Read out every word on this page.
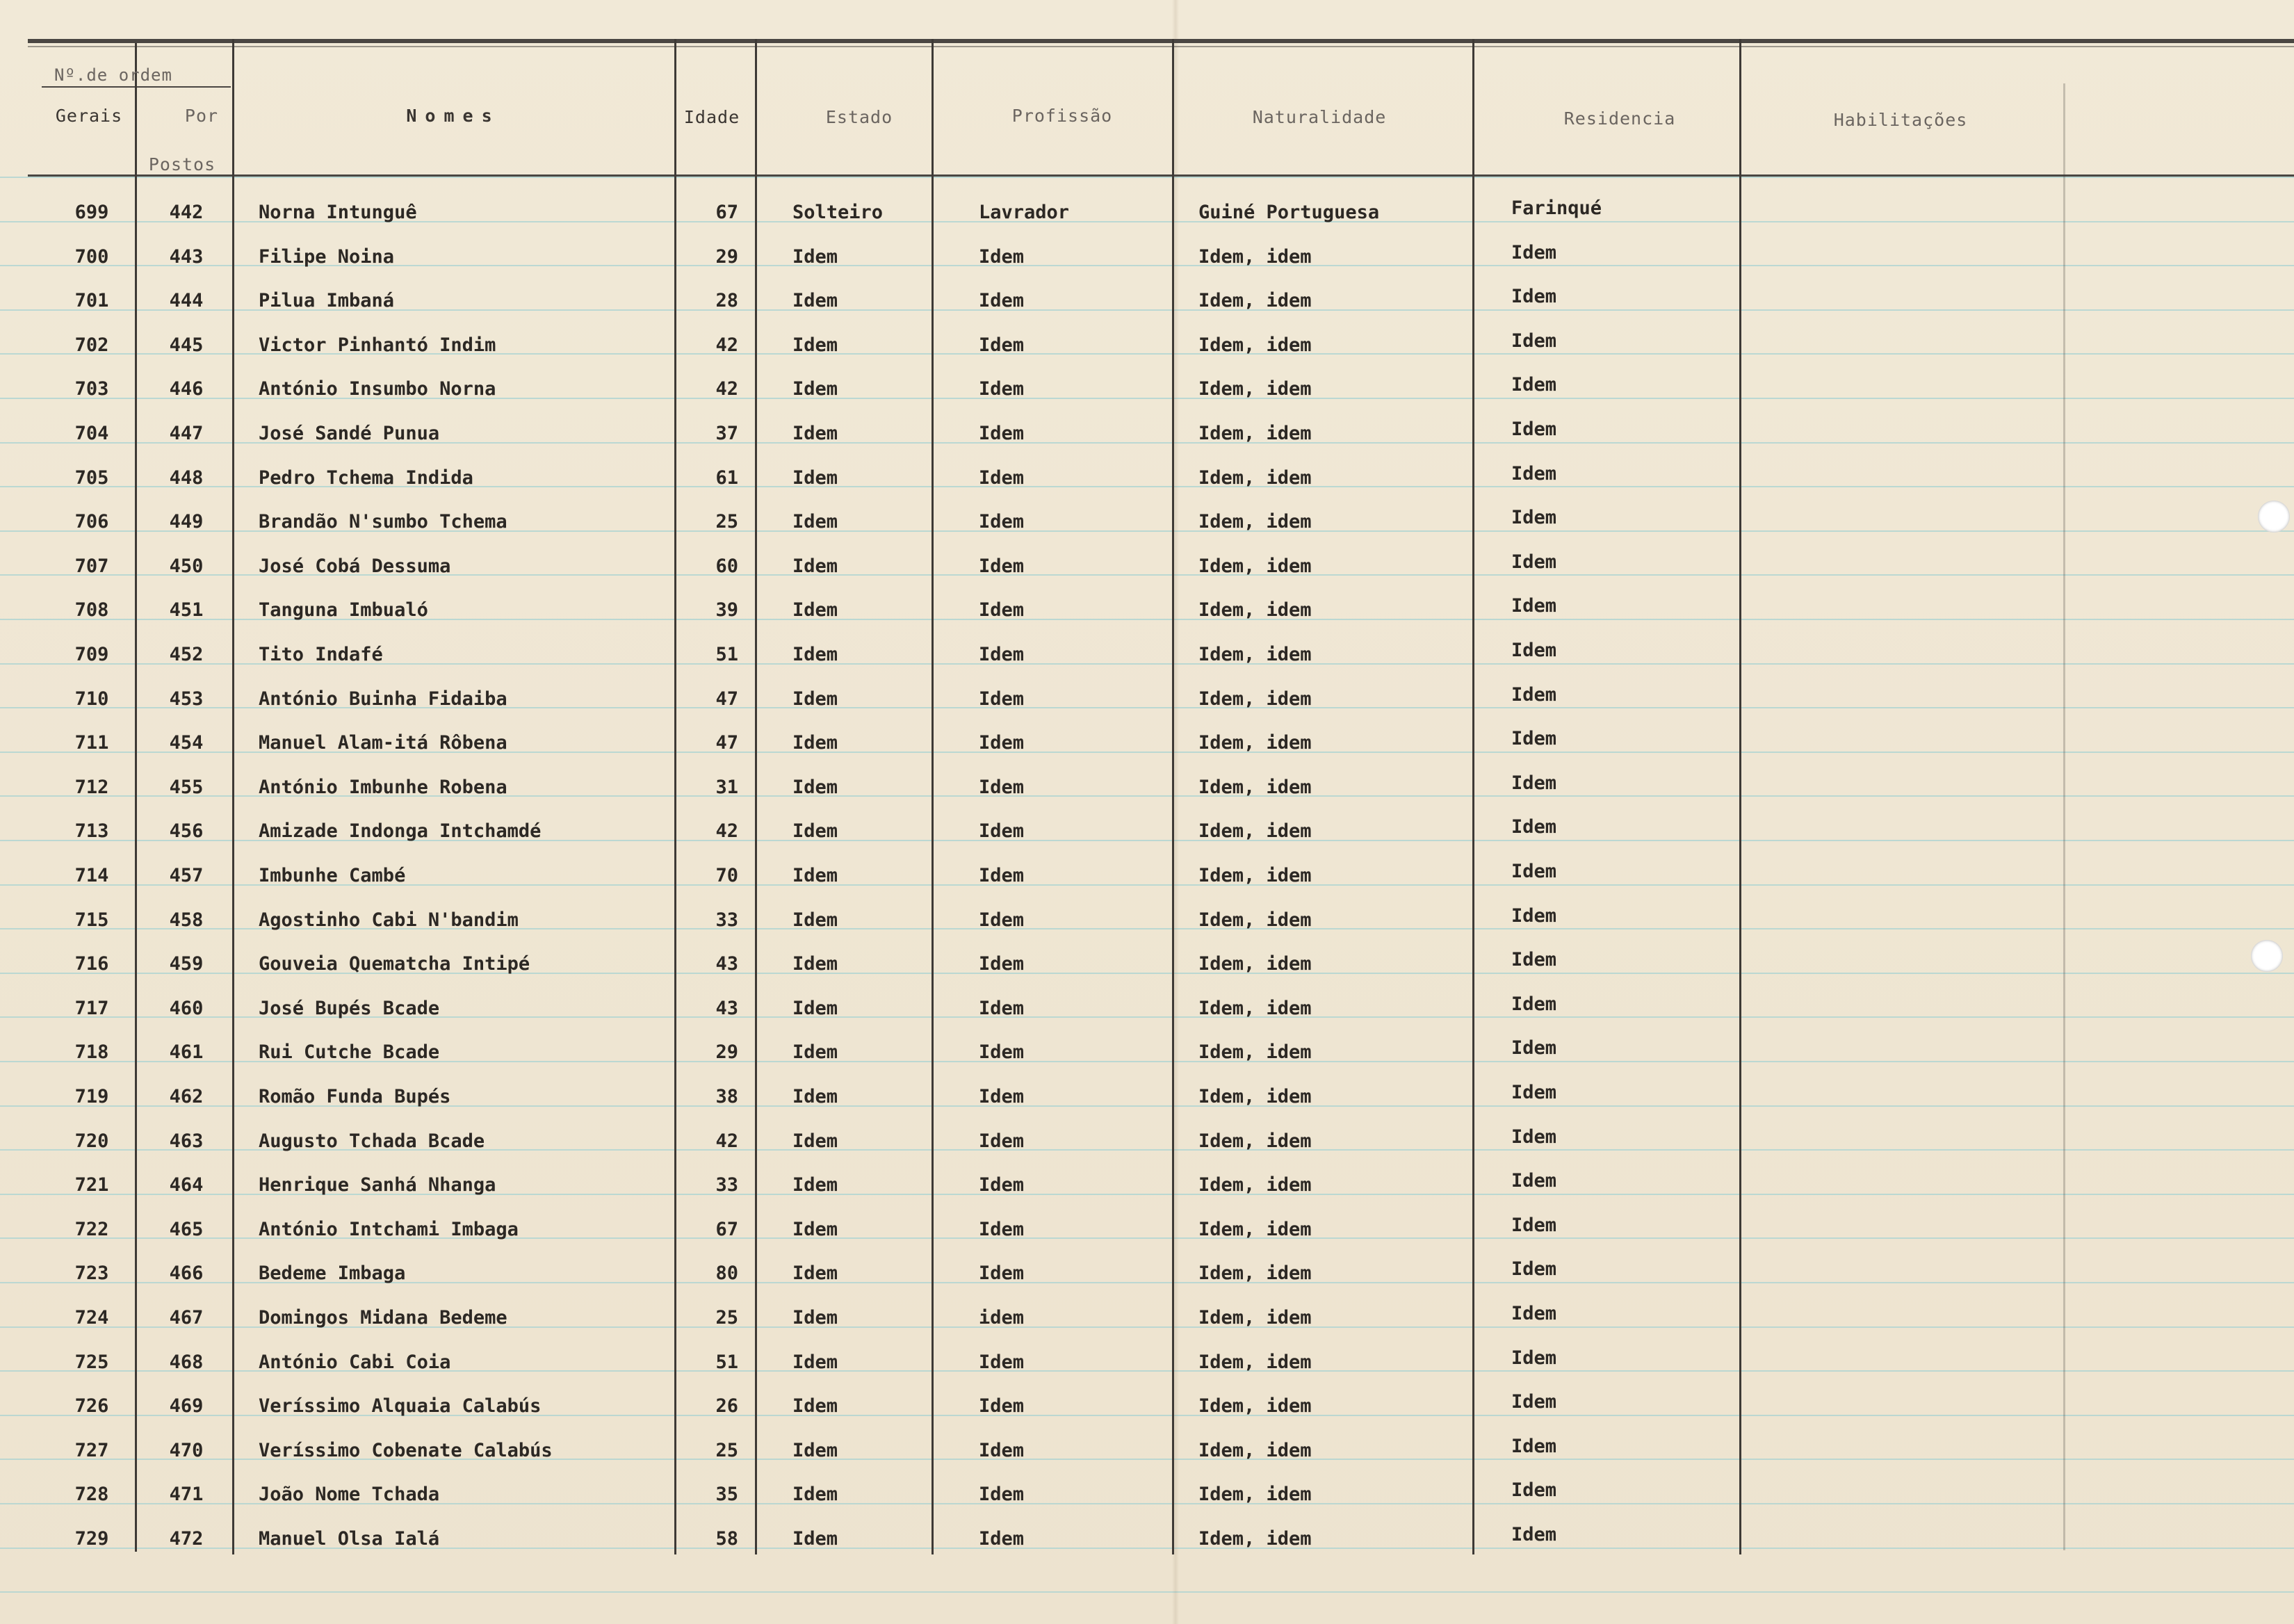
Nº.de ordem
Gerais	Por
Postos
Nomes	Idade	Estado	Profissão	Naturalidade	Residencia	Habilitações
699	442	Norna Intunguê	67	Solteiro	Lavrador	Guiné Portuguesa	Farinqué
700	443	Filipe Noina	29	Idem	Idem	Idem, idem	Idem
701	444	Pilua Imbaná	28	Idem	Idem	Idem, idem	Idem
702	445	Victor Pinhantó Indim	42	Idem	Idem	Idem, idem	Idem
703	446	António Insumbo Norna	42	Idem	Idem	Idem, idem	Idem
704	447	José Sandé Punua	37	Idem	Idem	Idem, idem	Idem
705	448	Pedro Tchema Indida	61	Idem	Idem	Idem, idem	Idem
706	449	Brandão N'sumbo Tchema	25	Idem	Idem	Idem, idem	Idem
707	450	José Cobá Dessuma	60	Idem	Idem	Idem, idem	Idem
708	451	Tanguna Imbualó	39	Idem	Idem	Idem, idem	Idem
709	452	Tito Indafé	51	Idem	Idem	Idem, idem	Idem
710	453	António Buinha Fidaiba	47	Idem	Idem	Idem, idem	Idem
711	454	Manuel Alam-itá Rôbena	47	Idem	Idem	Idem, idem	Idem
712	455	António Imbunhe Robena	31	Idem	Idem	Idem, idem	Idem
713	456	Amizade Indonga Intchamdé	42	Idem	Idem	Idem, idem	Idem
714	457	Imbunhe Cambé	70	Idem	Idem	Idem, idem	Idem
715	458	Agostinho Cabi N'bandim	33	Idem	Idem	Idem, idem	Idem
716	459	Gouveia Quematcha Intipé	43	Idem	Idem	Idem, idem	Idem
717	460	José Bupés Bcade	43	Idem	Idem	Idem, idem	Idem
718	461	Rui Cutche Bcade	29	Idem	Idem	Idem, idem	Idem
719	462	Romão Funda Bupés	38	Idem	Idem	Idem, idem	Idem
720	463	Augusto Tchada Bcade	42	Idem	Idem	Idem, idem	Idem
721	464	Henrique Sanhá Nhanga	33	Idem	Idem	Idem, idem	Idem
722	465	António Intchami Imbaga	67	Idem	Idem	Idem, idem	Idem
723	466	Bedeme Imbaga	80	Idem	Idem	Idem, idem	Idem
724	467	Domingos Midana Bedeme	25	Idem	idem	Idem, idem	Idem
725	468	António Cabi Coia	51	Idem	Idem	Idem, idem	Idem
726	469	Veríssimo Alquaia Calabús	26	Idem	Idem	Idem, idem	Idem
727	470	Veríssimo Cobenate Calabús	25	Idem	Idem	Idem, idem	Idem
728	471	João Nome Tchada	35	Idem	Idem	Idem, idem	Idem
729	472	Manuel Olsa Ialá	58	Idem	Idem	Idem, idem	Idem
